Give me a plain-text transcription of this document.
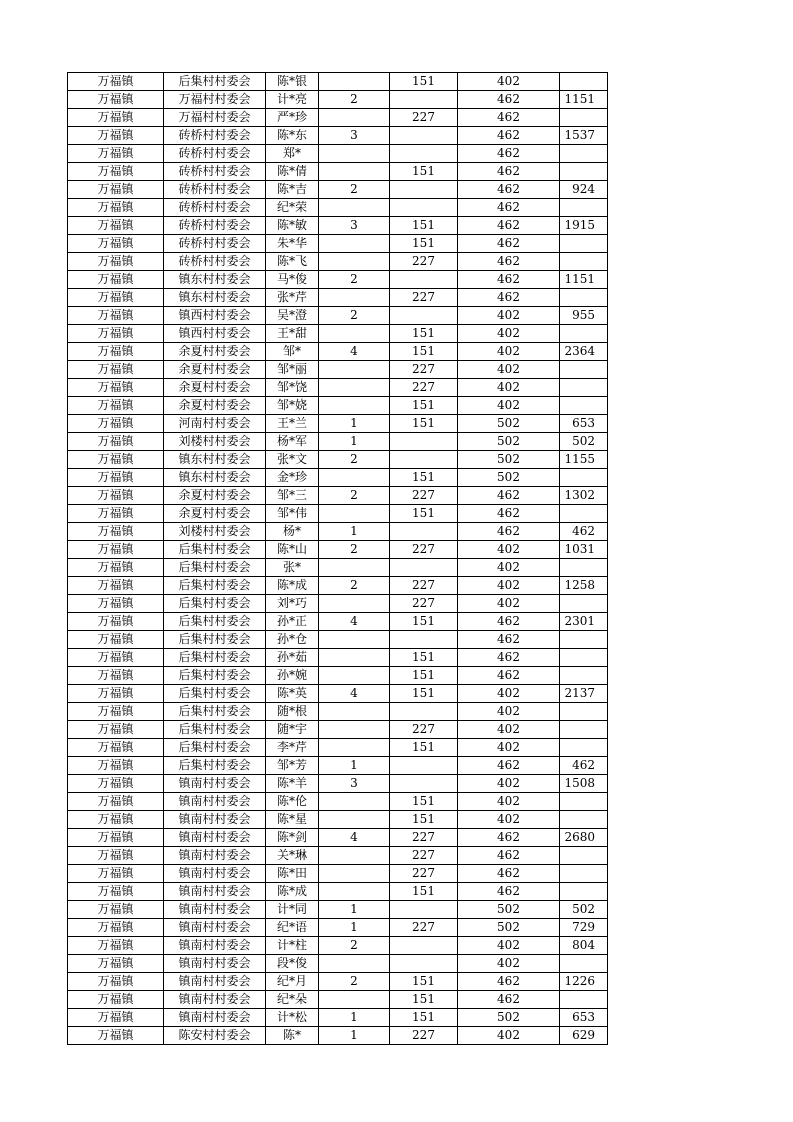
万福镇	后集村村委会	陈*银		151	402	
万福镇	万福村村委会	计*亮	2		462	1151
万福镇	万福村村委会	严*珍		227	462	
万福镇	砖桥村村委会	陈*东	3		462	1537
万福镇	砖桥村村委会	郑*			462	
万福镇	砖桥村村委会	陈*倩		151	462	
万福镇	砖桥村村委会	陈*吉	2		462	924
万福镇	砖桥村村委会	纪*荣			462	
万福镇	砖桥村村委会	陈*敏	3	151	462	1915
万福镇	砖桥村村委会	朱*华		151	462	
万福镇	砖桥村村委会	陈*飞		227	462	
万福镇	镇东村村委会	马*俊	2		462	1151
万福镇	镇东村村委会	张*芹		227	462	
万福镇	镇西村村委会	吴*澄	2		402	955
万福镇	镇西村村委会	王*甜		151	402	
万福镇	余夏村村委会	邹*	4	151	402	2364
万福镇	余夏村村委会	邹*丽		227	402	
万福镇	余夏村村委会	邹*饶		227	402	
万福镇	余夏村村委会	邹*娆		151	402	
万福镇	河南村村委会	王*兰	1	151	502	653
万福镇	刘楼村村委会	杨*军	1		502	502
万福镇	镇东村村委会	张*文	2		502	1155
万福镇	镇东村村委会	金*珍		151	502	
万福镇	余夏村村委会	邹*三	2	227	462	1302
万福镇	余夏村村委会	邹*伟		151	462	
万福镇	刘楼村村委会	杨*	1		462	462
万福镇	后集村村委会	陈*山	2	227	402	1031
万福镇	后集村村委会	张*			402	
万福镇	后集村村委会	陈*成	2	227	402	1258
万福镇	后集村村委会	刘*巧		227	402	
万福镇	后集村村委会	孙*正	4	151	462	2301
万福镇	后集村村委会	孙*仓			462	
万福镇	后集村村委会	孙*茹		151	462	
万福镇	后集村村委会	孙*婉		151	462	
万福镇	后集村村委会	陈*英	4	151	402	2137
万福镇	后集村村委会	随*根			402	
万福镇	后集村村委会	随*宇		227	402	
万福镇	后集村村委会	李*芹		151	402	
万福镇	后集村村委会	邹*芳	1		462	462
万福镇	镇南村村委会	陈*羊	3		402	1508
万福镇	镇南村村委会	陈*伦		151	402	
万福镇	镇南村村委会	陈*星		151	402	
万福镇	镇南村村委会	陈*剑	4	227	462	2680
万福镇	镇南村村委会	关*琳		227	462	
万福镇	镇南村村委会	陈*田		227	462	
万福镇	镇南村村委会	陈*成		151	462	
万福镇	镇南村村委会	计*同	1		502	502
万福镇	镇南村村委会	纪*语	1	227	502	729
万福镇	镇南村村委会	计*柱	2		402	804
万福镇	镇南村村委会	段*俊			402	
万福镇	镇南村村委会	纪*月	2	151	462	1226
万福镇	镇南村村委会	纪*朵		151	462	
万福镇	镇南村村委会	计*松	1	151	502	653
万福镇	陈安村村委会	陈*	1	227	402	629
